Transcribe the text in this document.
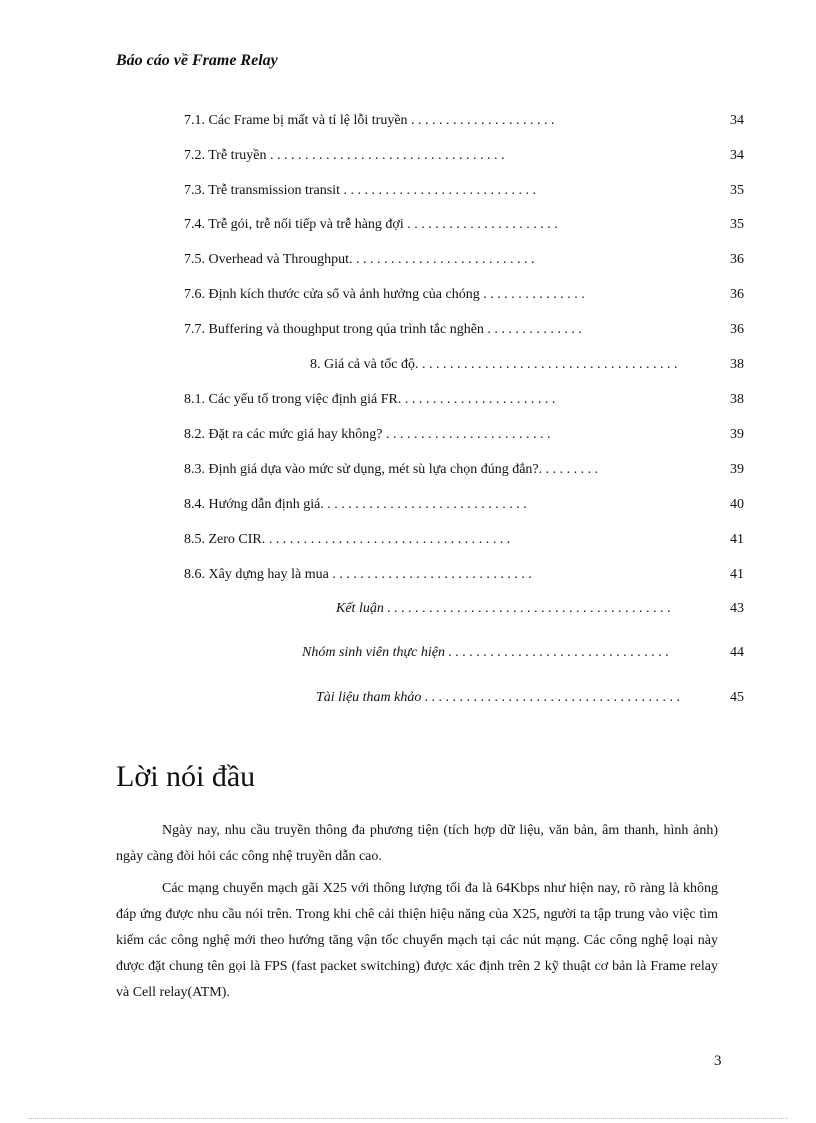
Báo cáo về Frame Relay
7.1. Các Frame bị mất và tỉ lệ lỗi truyền . . . . . . . . . . . . . . . . . . . . .	34
7.2. Trễ truyền . . . . . . . . . . . . . . . . . . . . . . . . . . . . . . . . . .	34
7.3. Trễ transmission transit . . . . . . . . . . . . . . . . . . . . . . . . . . . .	35
7.4. Trễ gói, trễ nối tiếp và trễ hàng đợi . . . . . . . . . . . . . . . . . . . . . .	35
7.5. Overhead và Throughput. . . . . . . . . . . . . . . . . . . . . . . . . . .	36
7.6. Định kích thước cửa sổ và ảnh hưởng của chóng . . . . . . . . . . . . . . .	36
7.7. Buffering và thoughput trong qúa trình tắc nghẽn . . . . . . . . . . . . . .	36
8. Giá cả và tốc độ. . . . . . . . . . . . . . . . . . . . . . . . . . . . . . . . . . . . . .	38
8.1. Các yếu tố trong việc định giá FR. . . . . . . . . . . . . . . . . . . . . . .	38
8.2. Đặt ra các mức giá hay không? . . . . . . . . . . . . . . . . . . . . . . . .	39
8.3. Định giá dựa vào mức sử dụng, mét sù lựa chọn đúng đắn?. . . . . . . . .	39
8.4. Hướng dẫn định giá. . . . . . . . . . . . . . . . . . . . . . . . . . . . . .	40
8.5. Zero CIR. . . . . . . . . . . . . . . . . . . . . . . . . . . . . . . . . . . .	41
8.6. Xây dựng hay là mua . . . . . . . . . . . . . . . . . . . . . . . . . . . . .	41
Kết luận . . . . . . . . . . . . . . . . . . . . . . . . . . . . . . . . . . . . . . . . .	43
Nhóm sinh viên thực hiện . . . . . . . . . . . . . . . . . . . . . . . . . . . . . . . .	44
Tài liệu tham khảo . . . . . . . . . . . . . . . . . . . . . . . . . . . . . . . . . . . . .	45
Lời nói đầu
Ngày nay, nhu cầu truyền thông đa phương tiện (tích hợp dữ liệu, văn bản, âm thanh, hình ảnh) ngày càng đòi hỏi các công nhệ truyền dẫn cao.
Các mạng chuyển mạch gãi X25 với thông lượng tối đa là 64Kbps như hiện nay, rõ ràng là không đáp ứng được nhu cầu nói trên. Trong khi chê cải thiện hiệu năng của X25, người ta tập trung vào việc tìm kiếm các công nghệ mới theo hướng tăng vận tốc chuyển mạch tại các nút mạng. Các công nghệ loại này được đặt chung tên gọi là FPS (fast packet switching) được xác định trên 2 kỹ thuật cơ bản là Frame relay và Cell relay(ATM).
3
